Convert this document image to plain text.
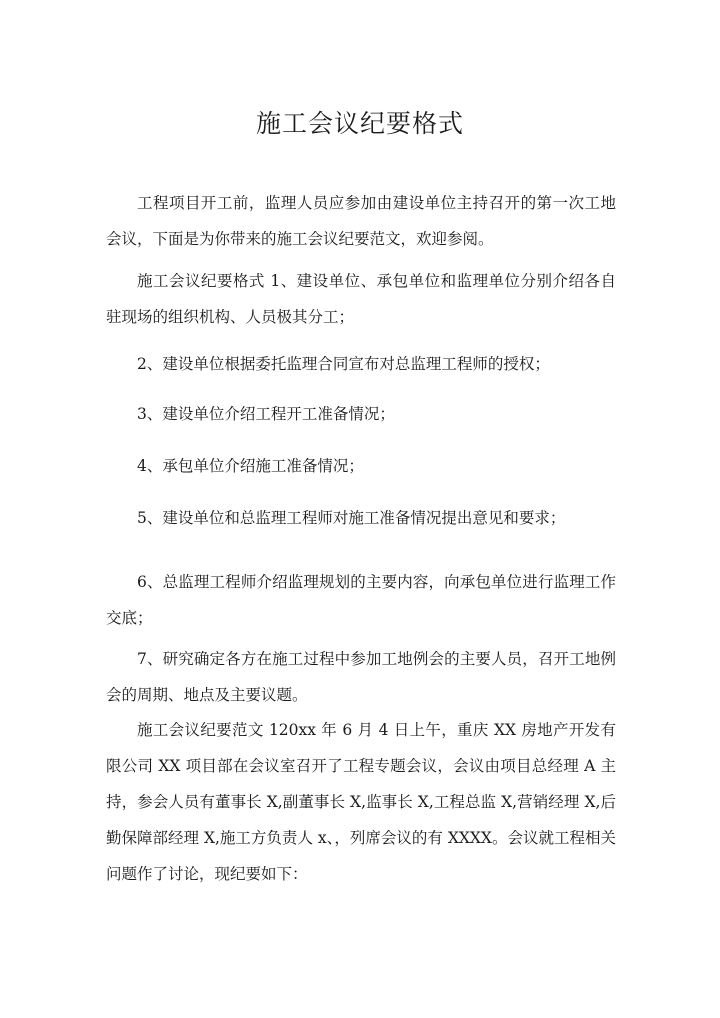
施工会议纪要格式

工程项目开工前，监理人员应参加由建设单位主持召开的第一次工地会议，下面是为你带来的施工会议纪要范文，欢迎参阅。

施工会议纪要格式 1、建设单位、承包单位和监理单位分别介绍各自驻现场的组织机构、人员极其分工；

2、建设单位根据委托监理合同宣布对总监理工程师的授权；

3、建设单位介绍工程开工准备情况；

4、承包单位介绍施工准备情况；

5、建设单位和总监理工程师对施工准备情况提出意见和要求；

6、总监理工程师介绍监理规划的主要内容，向承包单位进行监理工作交底；

7、研究确定各方在施工过程中参加工地例会的主要人员，召开工地例会的周期、地点及主要议题。

施工会议纪要范文 120xx 年 6 月 4 日上午，重庆 XX 房地产开发有限公司 XX 项目部在会议室召开了工程专题会议，会议由项目总经理 A 主持，参会人员有董事长 X,副董事长 X,监事长 X,工程总监 X,营销经理 X,后勤保障部经理 X,施工方负责人 x、，列席会议的有 XXXX。会议就工程相关问题作了讨论，现纪要如下：
